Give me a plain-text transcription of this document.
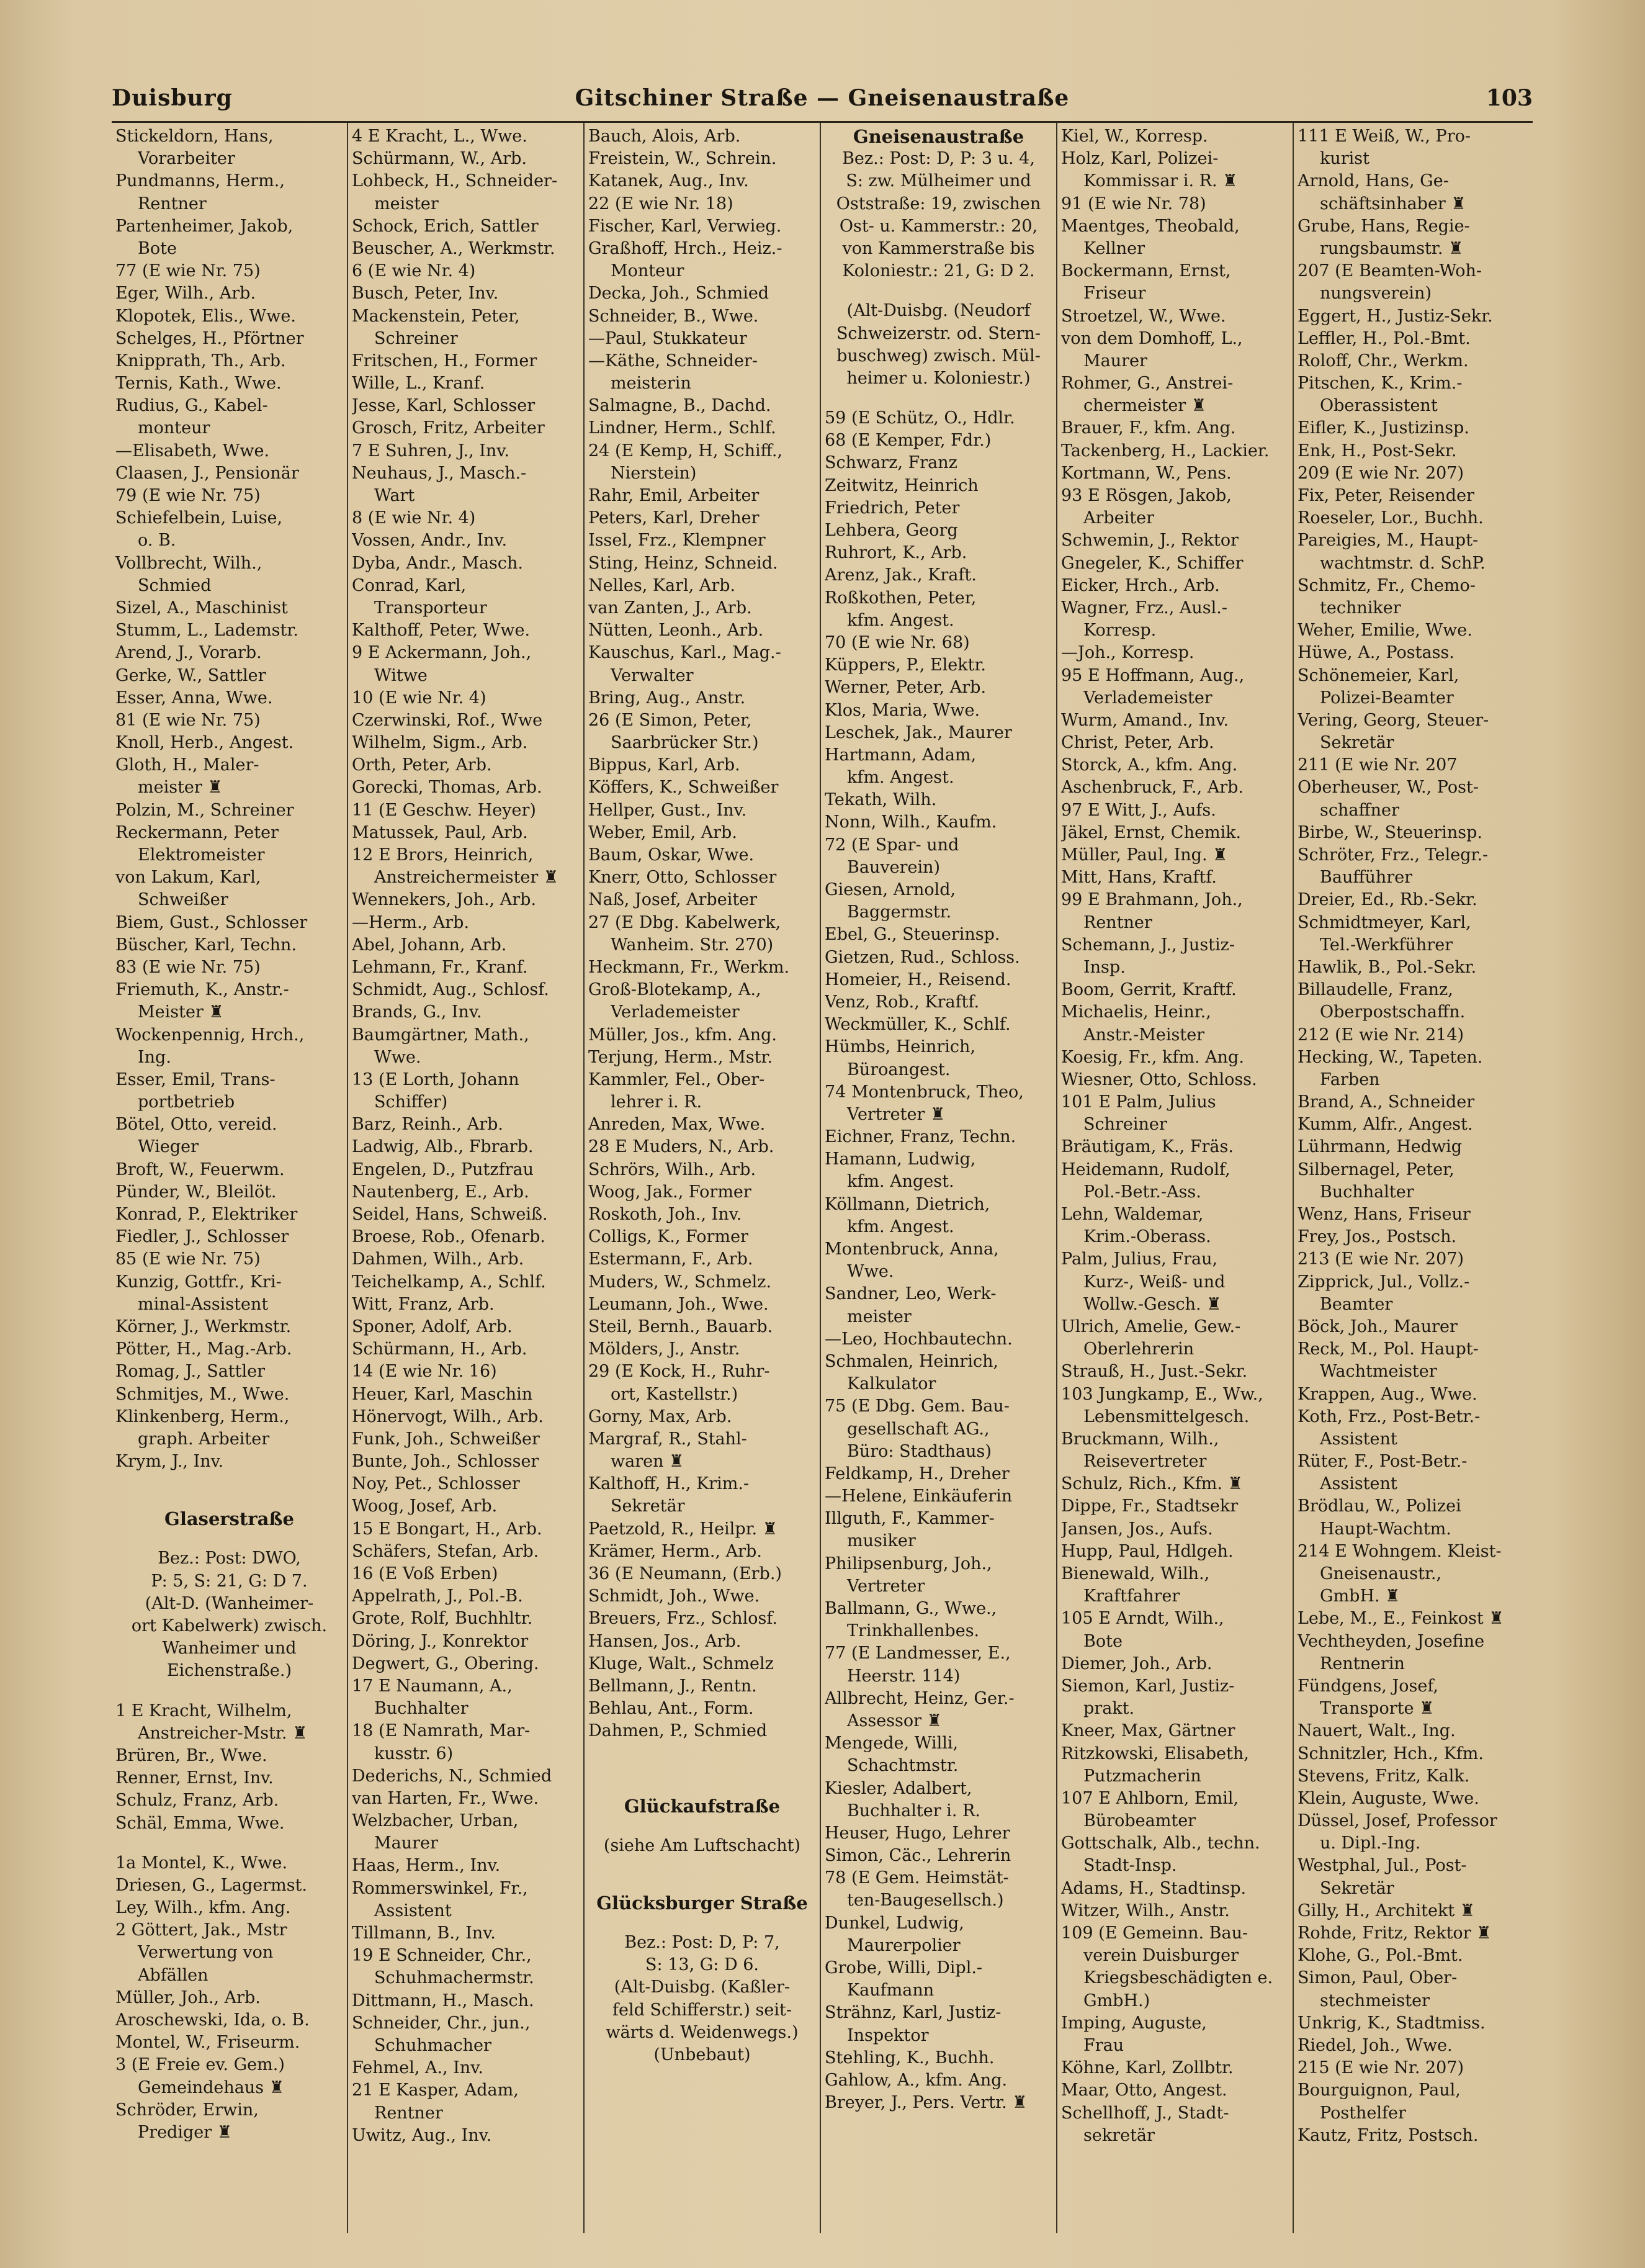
Duisburg	Gitschiner Straße — Gneisenaustraße	103
Stickeldorn, Hans,
Vorarbeiter
Pundmanns, Herm.,
Rentner
Partenheimer, Jakob,
Bote
77 (E wie Nr. 75)
Eger, Wilh., Arb.
Klopotek, Elis., Wwe.
Schelges, H., Pförtner
Knipprath, Th., Arb.
Ternis, Kath., Wwe.
Rudius, G., Kabel-
monteur
—Elisabeth, Wwe.
Claasen, J., Pensionär
79 (E wie Nr. 75)
Schiefelbein, Luise,
o. B.
Vollbrecht, Wilh.,
Schmied
Sizel, A., Maschinist
Stumm, L., Lademstr.
Arend, J., Vorarb.
Gerke, W., Sattler
Esser, Anna, Wwe.
81 (E wie Nr. 75)
Knoll, Herb., Angest.
Gloth, H., Maler-
meister ♜
Polzin, M., Schreiner
Reckermann, Peter
Elektromeister
von Lakum, Karl,
Schweißer
Biem, Gust., Schlosser
Büscher, Karl, Techn.
83 (E wie Nr. 75)
Friemuth, K., Anstr.-
Meister ♜
Wockenpennig, Hrch.,
Ing.
Esser, Emil, Trans-
portbetrieb
Bötel, Otto, vereid.
Wieger
Broft, W., Feuerwm.
Pünder, W., Bleilöt.
Konrad, P., Elektriker
Fiedler, J., Schlosser
85 (E wie Nr. 75)
Kunzig, Gottfr., Kri-
minal-Assistent
Körner, J., Werkmstr.
Pötter, H., Mag.-Arb.
Romag, J., Sattler
Schmitjes, M., Wwe.
Klinkenberg, Herm.,
graph. Arbeiter
Krym, J., Inv.
Glaserstraße
Bez.: Post: DWO,
P: 5, S: 21, G: D 7.
(Alt-D. (Wanheimer-
ort Kabelwerk) zwisch.
Wanheimer und
Eichenstraße.)
1 E Kracht, Wilhelm,
Anstreicher-Mstr. ♜
Brüren, Br., Wwe.
Renner, Ernst, Inv.
Schulz, Franz, Arb.
Schäl, Emma, Wwe.
1a Montel, K., Wwe.
Driesen, G., Lagermst.
Ley, Wilh., kfm. Ang.
2 Göttert, Jak., Mstr
Verwertung von
Abfällen
Müller, Joh., Arb.
Aroschewski, Ida, o. B.
Montel, W., Friseurm.
3 (E Freie ev. Gem.)
Gemeindehaus ♜
Schröder, Erwin,
Prediger ♜
4 E Kracht, L., Wwe.
Schürmann, W., Arb.
Lohbeck, H., Schneider-
meister
Schock, Erich, Sattler
Beuscher, A., Werkmstr.
6 (E wie Nr. 4)
Busch, Peter, Inv.
Mackenstein, Peter,
Schreiner
Fritschen, H., Former
Wille, L., Kranf.
Jesse, Karl, Schlosser
Grosch, Fritz, Arbeiter
7 E Suhren, J., Inv.
Neuhaus, J., Masch.-
Wart
8 (E wie Nr. 4)
Vossen, Andr., Inv.
Dyba, Andr., Masch.
Conrad, Karl,
Transporteur
Kalthoff, Peter, Wwe.
9 E Ackermann, Joh.,
Witwe
10 (E wie Nr. 4)
Czerwinski, Rof., Wwe
Wilhelm, Sigm., Arb.
Orth, Peter, Arb.
Gorecki, Thomas, Arb.
11 (E Geschw. Heyer)
Matussek, Paul, Arb.
12 E Brors, Heinrich,
Anstreichermeister ♜
Wennekers, Joh., Arb.
—Herm., Arb.
Abel, Johann, Arb.
Lehmann, Fr., Kranf.
Schmidt, Aug., Schlosf.
Brands, G., Inv.
Baumgärtner, Math.,
Wwe.
13 (E Lorth, Johann
Schiffer)
Barz, Reinh., Arb.
Ladwig, Alb., Fbrarb.
Engelen, D., Putzfrau
Nautenberg, E., Arb.
Seidel, Hans, Schweiß.
Broese, Rob., Ofenarb.
Dahmen, Wilh., Arb.
Teichelkamp, A., Schlf.
Witt, Franz, Arb.
Sponer, Adolf, Arb.
Schürmann, H., Arb.
14 (E wie Nr. 16)
Heuer, Karl, Maschin
Hönervogt, Wilh., Arb.
Funk, Joh., Schweißer
Bunte, Joh., Schlosser
Noy, Pet., Schlosser
Woog, Josef, Arb.
15 E Bongart, H., Arb.
Schäfers, Stefan, Arb.
16 (E Voß Erben)
Appelrath, J., Pol.-B.
Grote, Rolf, Buchhltr.
Döring, J., Konrektor
Degwert, G., Obering.
17 E Naumann, A.,
Buchhalter
18 (E Namrath, Mar-
kusstr. 6)
Dederichs, N., Schmied
van Harten, Fr., Wwe.
Welzbacher, Urban,
Maurer
Haas, Herm., Inv.
Rommerswinkel, Fr.,
Assistent
Tillmann, B., Inv.
19 E Schneider, Chr.,
Schuhmachermstr.
Dittmann, H., Masch.
Schneider, Chr., jun.,
Schuhmacher
Fehmel, A., Inv.
21 E Kasper, Adam,
Rentner
Uwitz, Aug., Inv.
Bauch, Alois, Arb.
Freistein, W., Schrein.
Katanek, Aug., Inv.
22 (E wie Nr. 18)
Fischer, Karl, Verwieg.
Graßhoff, Hrch., Heiz.-
Monteur
Decka, Joh., Schmied
Schneider, B., Wwe.
—Paul, Stukkateur
—Käthe, Schneider-
meisterin
Salmagne, B., Dachd.
Lindner, Herm., Schlf.
24 (E Kemp, H, Schiff.,
Nierstein)
Rahr, Emil, Arbeiter
Peters, Karl, Dreher
Issel, Frz., Klempner
Sting, Heinz, Schneid.
Nelles, Karl, Arb.
van Zanten, J., Arb.
Nütten, Leonh., Arb.
Kauschus, Karl., Mag.-
Verwalter
Bring, Aug., Anstr.
26 (E Simon, Peter,
Saarbrücker Str.)
Bippus, Karl, Arb.
Köffers, K., Schweißer
Hellper, Gust., Inv.
Weber, Emil, Arb.
Baum, Oskar, Wwe.
Knerr, Otto, Schlosser
Naß, Josef, Arbeiter
27 (E Dbg. Kabelwerk,
Wanheim. Str. 270)
Heckmann, Fr., Werkm.
Groß-Blotekamp, A.,
Verlademeister
Müller, Jos., kfm. Ang.
Terjung, Herm., Mstr.
Kammler, Fel., Ober-
lehrer i. R.
Anreden, Max, Wwe.
28 E Muders, N., Arb.
Schrörs, Wilh., Arb.
Woog, Jak., Former
Roskoth, Joh., Inv.
Colligs, K., Former
Estermann, F., Arb.
Muders, W., Schmelz.
Leumann, Joh., Wwe.
Steil, Bernh., Bauarb.
Mölders, J., Anstr.
29 (E Kock, H., Ruhr-
ort, Kastellstr.)
Gorny, Max, Arb.
Margraf, R., Stahl-
waren ♜
Kalthoff, H., Krim.-
Sekretär
Paetzold, R., Heilpr. ♜
Krämer, Herm., Arb.
36 (E Neumann, (Erb.)
Schmidt, Joh., Wwe.
Breuers, Frz., Schlosf.
Hansen, Jos., Arb.
Kluge, Walt., Schmelz
Bellmann, J., Rentn.
Behlau, Ant., Form.
Dahmen, P., Schmied
Glückaufstraße
(siehe Am Luftschacht)
Glücksburger Straße
Bez.: Post: D, P: 7,
S: 13, G: D 6.
(Alt-Duisbg. (Kaßler-
feld Schifferstr.) seit-
wärts d. Weidenwegs.)
(Unbebaut)
Gneisenaustraße
Bez.: Post: D, P: 3 u. 4,
S: zw. Mülheimer und
Oststraße: 19, zwischen
Ost- u. Kammerstr.: 20,
von Kammerstraße bis
Koloniestr.: 21, G: D 2.
(Alt-Duisbg. (Neudorf
Schweizerstr. od. Stern-
buschweg) zwisch. Mül-
heimer u. Koloniestr.)
59 (E Schütz, O., Hdlr.
68 (E Kemper, Fdr.)
Schwarz, Franz
Zeitwitz, Heinrich
Friedrich, Peter
Lehbera, Georg
Ruhrort, K., Arb.
Arenz, Jak., Kraft.
Roßkothen, Peter,
kfm. Angest.
70 (E wie Nr. 68)
Küppers, P., Elektr.
Werner, Peter, Arb.
Klos, Maria, Wwe.
Leschek, Jak., Maurer
Hartmann, Adam,
kfm. Angest.
Tekath, Wilh.
Nonn, Wilh., Kaufm.
72 (E Spar- und
Bauverein)
Giesen, Arnold,
Baggermstr.
Ebel, G., Steuerinsp.
Gietzen, Rud., Schloss.
Homeier, H., Reisend.
Venz, Rob., Kraftf.
Weckmüller, K., Schlf.
Hümbs, Heinrich,
Büroangest.
74 Montenbruck, Theo,
Vertreter ♜
Eichner, Franz, Techn.
Hamann, Ludwig,
kfm. Angest.
Köllmann, Dietrich,
kfm. Angest.
Montenbruck, Anna,
Wwe.
Sandner, Leo, Werk-
meister
—Leo, Hochbautechn.
Schmalen, Heinrich,
Kalkulator
75 (E Dbg. Gem. Bau-
gesellschaft AG.,
Büro: Stadthaus)
Feldkamp, H., Dreher
—Helene, Einkäuferin
Illguth, F., Kammer-
musiker
Philipsenburg, Joh.,
Vertreter
Ballmann, G., Wwe.,
Trinkhallenbes.
77 (E Landmesser, E.,
Heerstr. 114)
Allbrecht, Heinz, Ger.-
Assessor ♜
Mengede, Willi,
Schachtmstr.
Kiesler, Adalbert,
Buchhalter i. R.
Heuser, Hugo, Lehrer
Simon, Cäc., Lehrerin
78 (E Gem. Heimstät-
ten-Baugesellsch.)
Dunkel, Ludwig,
Maurerpolier
Grobe, Willi, Dipl.-
Kaufmann
Strähnz, Karl, Justiz-
Inspektor
Stehling, K., Buchh.
Gahlow, A., kfm. Ang.
Breyer, J., Pers. Vertr. ♜
Kiel, W., Korresp.
Holz, Karl, Polizei-
Kommissar i. R. ♜
91 (E wie Nr. 78)
Maentges, Theobald,
Kellner
Bockermann, Ernst,
Friseur
Stroetzel, W., Wwe.
von dem Domhoff, L.,
Maurer
Rohmer, G., Anstrei-
chermeister ♜
Brauer, F., kfm. Ang.
Tackenberg, H., Lackier.
Kortmann, W., Pens.
93 E Rösgen, Jakob,
Arbeiter
Schwemin, J., Rektor
Gnegeler, K., Schiffer
Eicker, Hrch., Arb.
Wagner, Frz., Ausl.-
Korresp.
—Joh., Korresp.
95 E Hoffmann, Aug.,
Verlademeister
Wurm, Amand., Inv.
Christ, Peter, Arb.
Storck, A., kfm. Ang.
Aschenbruck, F., Arb.
97 E Witt, J., Aufs.
Jäkel, Ernst, Chemik.
Müller, Paul, Ing. ♜
Mitt, Hans, Kraftf.
99 E Brahmann, Joh.,
Rentner
Schemann, J., Justiz-
Insp.
Boom, Gerrit, Kraftf.
Michaelis, Heinr.,
Anstr.-Meister
Koesig, Fr., kfm. Ang.
Wiesner, Otto, Schloss.
101 E Palm, Julius
Schreiner
Bräutigam, K., Fräs.
Heidemann, Rudolf,
Pol.-Betr.-Ass.
Lehn, Waldemar,
Krim.-Oberass.
Palm, Julius, Frau,
Kurz-, Weiß- und
Wollw.-Gesch. ♜
Ulrich, Amelie, Gew.-
Oberlehrerin
Strauß, H., Just.-Sekr.
103 Jungkamp, E., Ww.,
Lebensmittelgesch.
Bruckmann, Wilh.,
Reisevertreter
Schulz, Rich., Kfm. ♜
Dippe, Fr., Stadtsekr
Jansen, Jos., Aufs.
Hupp, Paul, Hdlgeh.
Bienewald, Wilh.,
Kraftfahrer
105 E Arndt, Wilh.,
Bote
Diemer, Joh., Arb.
Siemon, Karl, Justiz-
prakt.
Kneer, Max, Gärtner
Ritzkowski, Elisabeth,
Putzmacherin
107 E Ahlborn, Emil,
Bürobeamter
Gottschalk, Alb., techn.
Stadt-Insp.
Adams, H., Stadtinsp.
Witzer, Wilh., Anstr.
109 (E Gemeinn. Bau-
verein Duisburger
Kriegsbeschädigten e.
GmbH.)
Imping, Auguste,
Frau
Köhne, Karl, Zollbtr.
Maar, Otto, Angest.
Schellhoff, J., Stadt-
sekretär
111 E Weiß, W., Pro-
kurist
Arnold, Hans, Ge-
schäftsinhaber ♜
Grube, Hans, Regie-
rungsbaumstr. ♜
207 (E Beamten-Woh-
nungsverein)
Eggert, H., Justiz-Sekr.
Leffler, H., Pol.-Bmt.
Roloff, Chr., Werkm.
Pitschen, K., Krim.-
Oberassistent
Eifler, K., Justizinsp.
Enk, H., Post-Sekr.
209 (E wie Nr. 207)
Fix, Peter, Reisender
Roeseler, Lor., Buchh.
Pareigies, M., Haupt-
wachtmstr. d. SchP.
Schmitz, Fr., Chemo-
techniker
Weher, Emilie, Wwe.
Hüwe, A., Postass.
Schönemeier, Karl,
Polizei-Beamter
Vering, Georg, Steuer-
Sekretär
211 (E wie Nr. 207
Oberheuser, W., Post-
schaffner
Birbe, W., Steuerinsp.
Schröter, Frz., Telegr.-
Baufführer
Dreier, Ed., Rb.-Sekr.
Schmidtmeyer, Karl,
Tel.-Werkführer
Hawlik, B., Pol.-Sekr.
Billaudelle, Franz,
Oberpostschaffn.
212 (E wie Nr. 214)
Hecking, W., Tapeten.
Farben
Brand, A., Schneider
Kumm, Alfr., Angest.
Lührmann, Hedwig
Silbernagel, Peter,
Buchhalter
Wenz, Hans, Friseur
Frey, Jos., Postsch.
213 (E wie Nr. 207)
Zipprick, Jul., Vollz.-
Beamter
Böck, Joh., Maurer
Reck, M., Pol. Haupt-
Wachtmeister
Krappen, Aug., Wwe.
Koth, Frz., Post-Betr.-
Assistent
Rüter, F., Post-Betr.-
Assistent
Brödlau, W., Polizei
Haupt-Wachtm.
214 E Wohngem. Kleist-
Gneisenaustr.,
GmbH. ♜
Lebe, M., E., Feinkost ♜
Vechtheyden, Josefine
Rentnerin
Fündgens, Josef,
Transporte ♜
Nauert, Walt., Ing.
Schnitzler, Hch., Kfm.
Stevens, Fritz, Kalk.
Klein, Auguste, Wwe.
Düssel, Josef, Professor
u. Dipl.-Ing.
Westphal, Jul., Post-
Sekretär
Gilly, H., Architekt ♜
Rohde, Fritz, Rektor ♜
Klohe, G., Pol.-Bmt.
Simon, Paul, Ober-
stechmeister
Unkrig, K., Stadtmiss.
Riedel, Joh., Wwe.
215 (E wie Nr. 207)
Bourguignon, Paul,
Posthelfer
Kautz, Fritz, Postsch.
